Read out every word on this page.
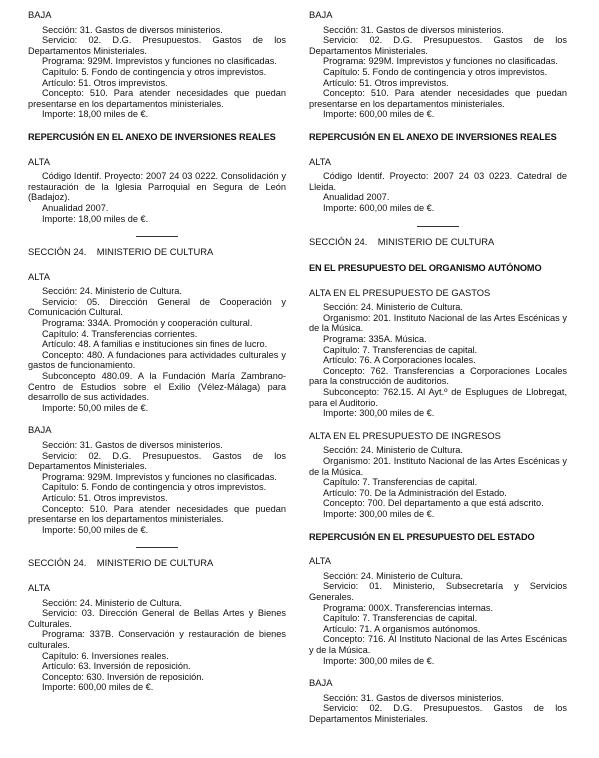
BAJA

Sección: 31. Gastos de diversos ministerios.

Servicio: 02. D.G. Presupuestos. Gastos de los Departamentos Ministeriales.

Programa: 929M. Imprevistos y funciones no clasificadas.

Capítulo: 5. Fondo de contingencia y otros imprevistos.

Artículo: 51. Otros imprevistos.

Concepto: 510. Para atender necesidades que puedan presentarse en los departamentos ministeriales.

Importe: 18,00 miles de €.

REPERCUSIÓN EN EL ANEXO DE INVERSIONES REALES
ALTA

Código Identif. Proyecto: 2007 24 03 0222. Consolidación y restauración de la Iglesia Parroquial en Segura de León (Badajoz).

Anualidad 2007.

Importe: 18,00 miles de €.

SECCIÓN 24.    MINISTERIO DE CULTURA
ALTA

Sección: 24. Ministerio de Cultura.

Servicio: 05. Dirección General de Cooperación y Comunicación Cultural.

Programa: 334A. Promoción y cooperación cultural.

Capítulo: 4. Transferencias corrientes.

Artículo: 48. A familias e instituciones sin fines de lucro.

Concepto: 480. A fundaciones para actividades culturales y gastos de funcionamiento.

Subconcepto 480.09. A la Fundación María Zambrano-Centro de Estudios sobre el Exilio (Vélez-Málaga) para desarrollo de sus actividades.

Importe: 50,00 miles de €.

BAJA

Sección: 31. Gastos de diversos ministerios.

Servicio: 02. D.G. Presupuestos. Gastos de los Departamentos Ministeriales.

Programa: 929M. Imprevistos y funciones no clasificadas.

Capítulo: 5. Fondo de contingencia y otros imprevistos.

Artículo: 51. Otros imprevistos.

Concepto: 510. Para atender necesidades que puedan presentarse en los departamentos ministeriales.

Importe: 50,00 miles de €.

SECCIÓN 24.    MINISTERIO DE CULTURA
ALTA

Sección: 24. Ministerio de Cultura.

Servicio: 03. Dirección General de Bellas Artes y Bienes Culturales.

Programa: 337B. Conservación y restauración de bienes culturales.

Capítulo: 6. Inversiones reales.

Artículo: 63. Inversión de reposición.

Concepto: 630. Inversión de reposición.

Importe: 600,00 miles de €.

BAJA

Sección: 31. Gastos de diversos ministerios.

Servicio: 02. D.G. Presupuestos. Gastos de los Departamentos Ministeriales.

Programa: 929M. Imprevistos y funciones no clasificadas.

Capítulo: 5. Fondo de contingencia y otros imprevistos.

Artículo: 51. Otros imprevistos.

Concepto: 510. Para atender necesidades que puedan presentarse en los departamentos ministeriales.

Importe: 600,00 miles de €.

REPERCUSIÓN EN EL ANEXO DE INVERSIONES REALES
ALTA

Código Identif. Proyecto: 2007 24 03 0223. Catedral de Lleida.

Anualidad 2007.

Importe: 600,00 miles de €.

SECCIÓN 24.    MINISTERIO DE CULTURA
EN EL PRESUPUESTO DEL ORGANISMO AUTÓNOMO
ALTA EN EL PRESUPUESTO DE GASTOS

Sección: 24. Ministerio de Cultura.

Organismo: 201. Instituto Nacional de las Artes Escénicas y de la Música.

Programa: 335A. Música.

Capítulo: 7. Transferencias de capital.

Artículo: 76. A Corporaciones locales.

Concepto: 762. Transferencias a Corporaciones Locales para la construcción de auditorios.

Subconcepto: 762.15. Al Ayt.º de Esplugues de Llobregat, para el Auditorio.

Importe: 300,00 miles de €.

ALTA EN EL PRESUPUESTO DE INGRESOS

Sección: 24. Ministerio de Cultura.

Organismo: 201. Instituto Nacional de las Artes Escénicas y de la Música.

Capítulo: 7. Transferencias de capital.

Artículo: 70. De la Administración del Estado.

Concepto: 700. Del departamento a que está adscrito.

Importe: 300,00 miles de €.

REPERCUSIÓN EN EL PRESUPUESTO DEL ESTADO
ALTA

Sección: 24. Ministerio de Cultura.

Servicio: 01. Ministerio, Subsecretaría y Servicios Generales.

Programa: 000X. Transferencias internas.

Capítulo: 7. Transferencias de capital.

Artículo: 71. A organismos autónomos.

Concepto: 716. Al Instituto Nacional de las Artes Escénicas y de la Música.

Importe: 300,00 miles de €.

BAJA

Sección: 31. Gastos de diversos ministerios.

Servicio: 02. D.G. Presupuestos. Gastos de los Departamentos Ministeriales.
